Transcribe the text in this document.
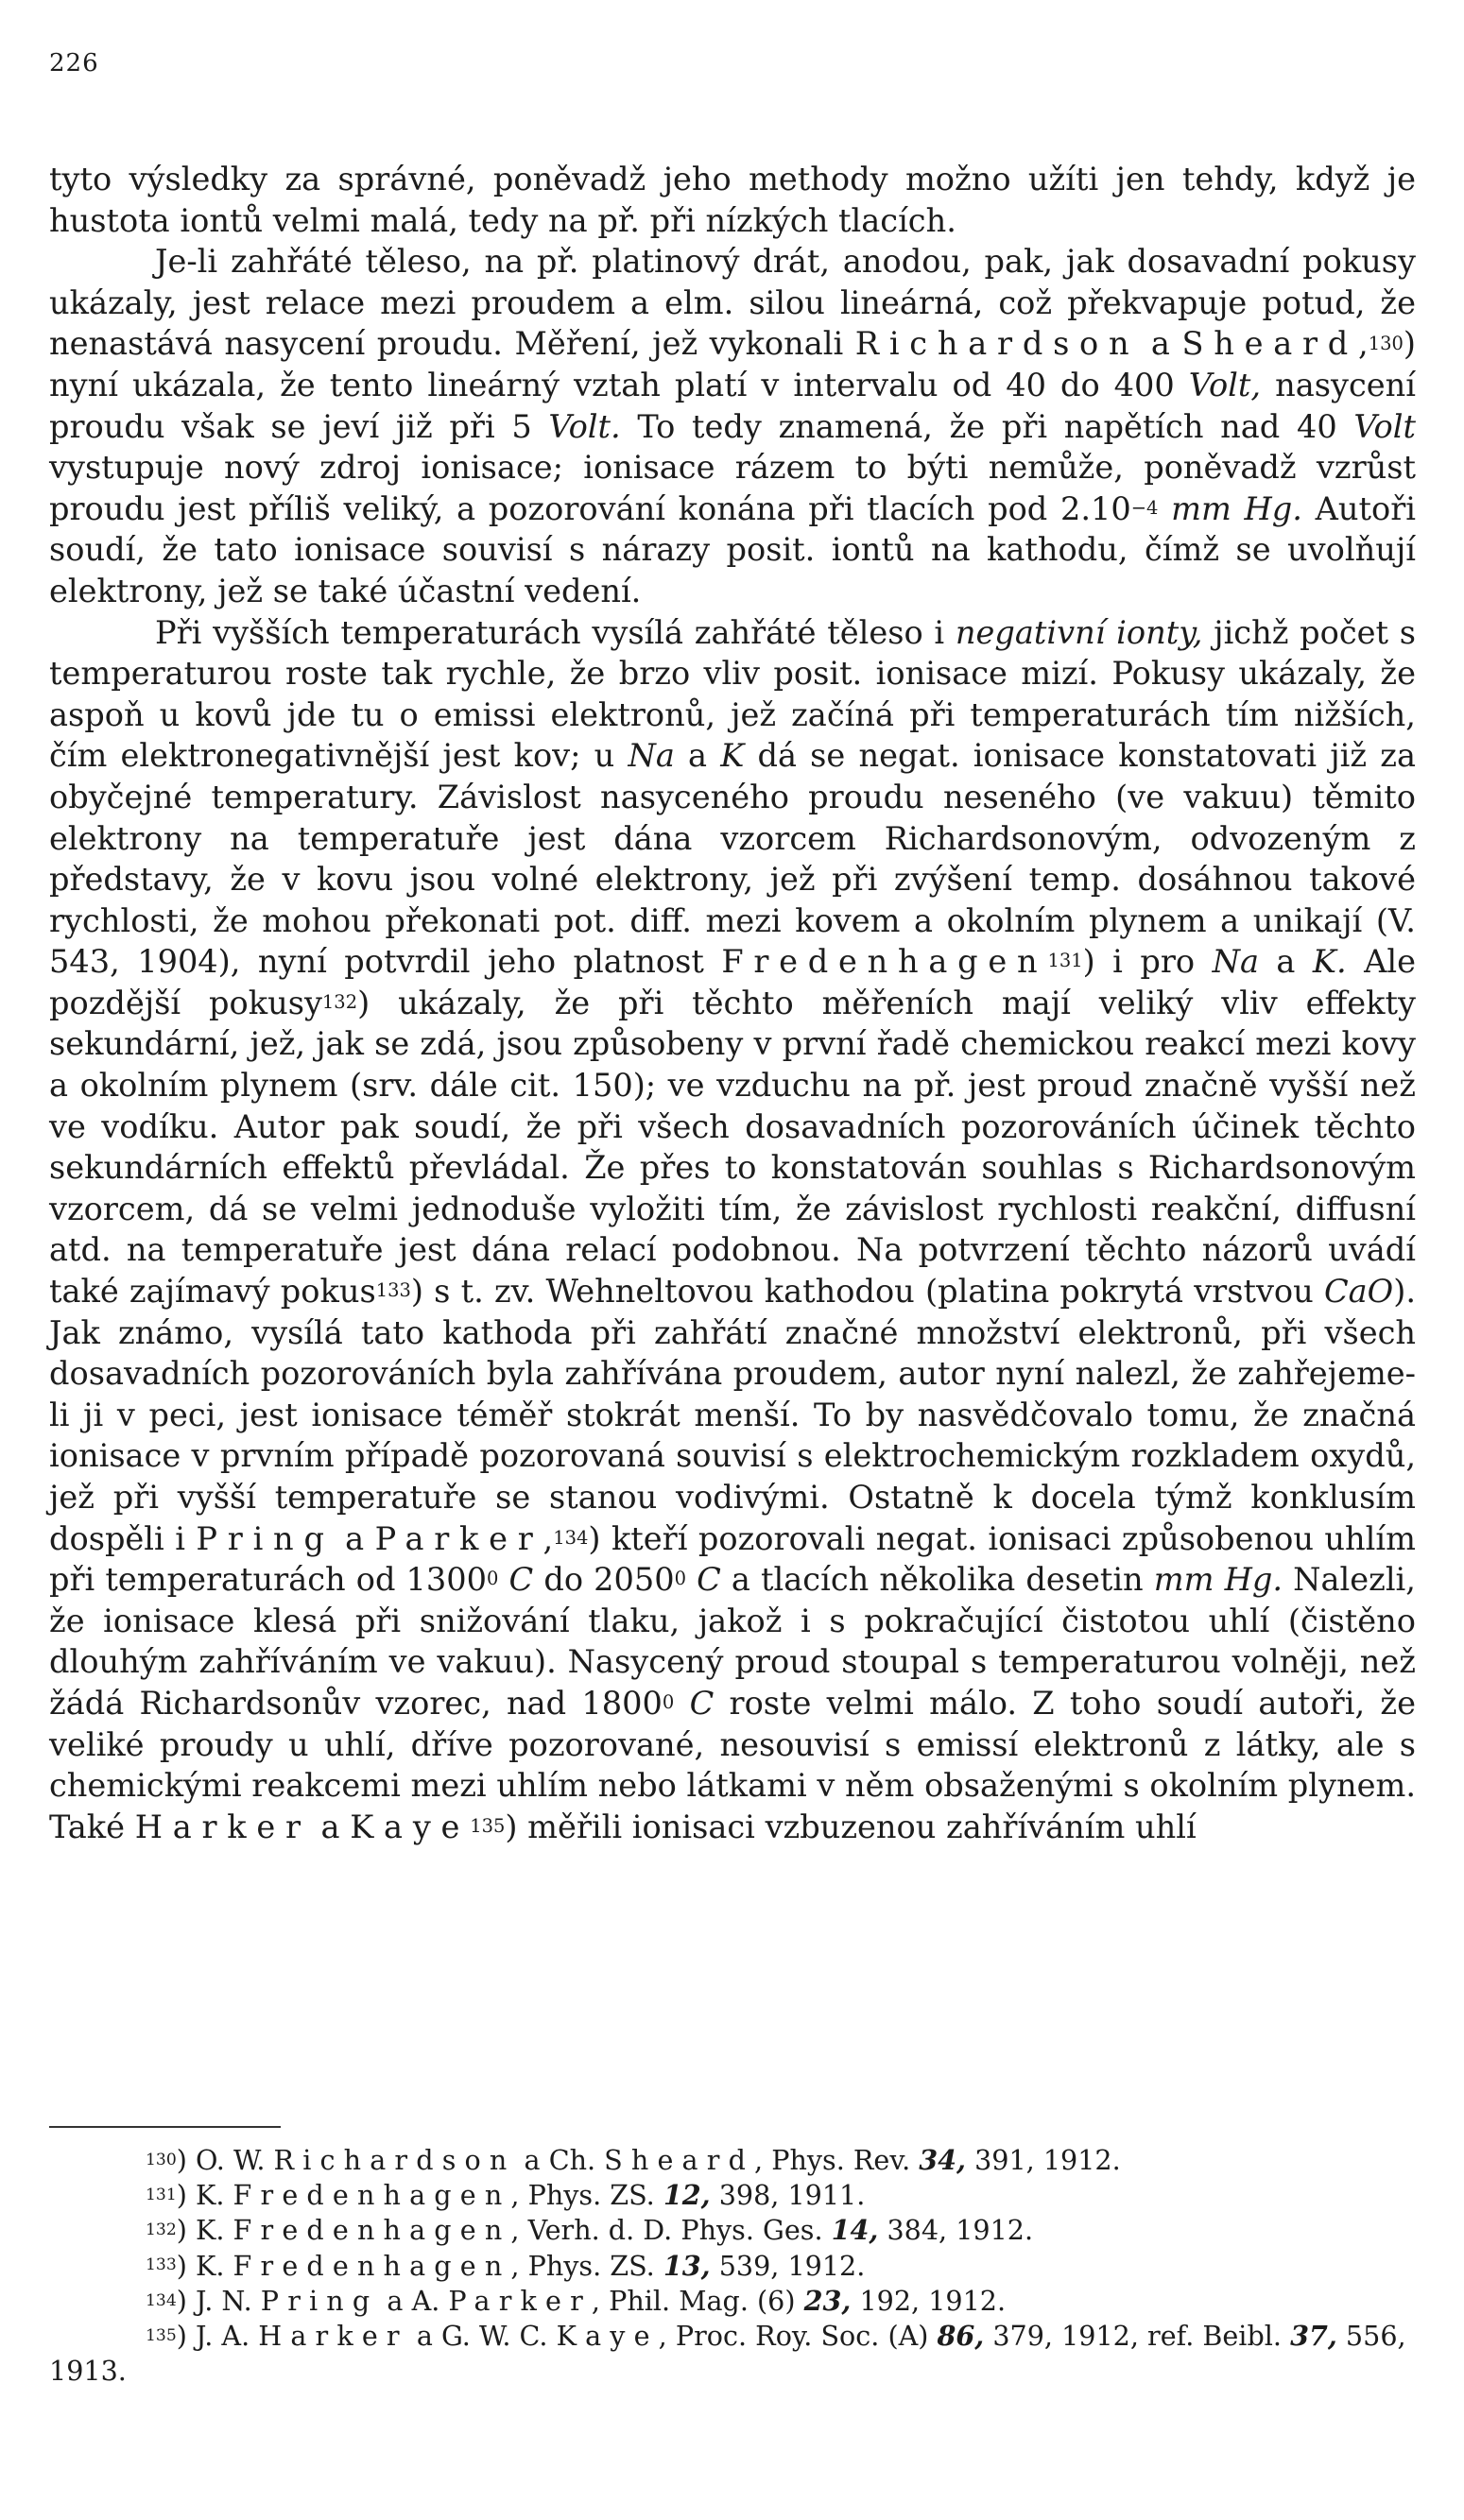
226

tyto výsledky za správné, poněvadž jeho methody možno užíti jen tehdy, když je hustota iontů velmi malá, tedy na př. při nízkých tlacích.

Je-li zahřáté těleso, na př. platinový drát, anodou, pak, jak dosavadní pokusy ukázaly, jest relace mezi proudem a elm. silou lineárná, což překvapuje potud, že nenastává nasycení proudu. Měření, jež vykonali Richardson a Sheard,$^{130}$) nyní ukázala, že tento lineárný vztah platí v intervalu od 40 do 400 Volt, nasycení proudu však se jeví již při 5 Volt. To tedy znamená, že při napětích nad 40 Volt vystupuje nový zdroj ionisace; ionisace rázem to býti nemůže, poněvadž vzrůst proudu jest příliš veliký, a pozorování konána při tlacích pod $2.10^{-4}$ mm Hg. Autoři soudí, že tato ionisace souvisí s nárazy posit. iontů na kathodu, čímž se uvolňují elektrony, jež se také účastní vedení.

Při vyšších temperaturách vysílá zahřáté těleso i negativní ionty, jichž počet s temperaturou roste tak rychle, že brzo vliv posit. ionisace mizí. Pokusy ukázaly, že aspoň u kovů jde tu o emissi elektronů, jež začíná při temperaturách tím nižších, čím elektronegativnější jest kov; u Na a K dá se negat. ionisace konstatovati již za obyčejné temperatury. Závislost nasyceného proudu neseného (ve vakuu) těmito elektrony na temperatuře jest dána vzorcem Richardsonovým, odvozeným z představy, že v kovu jsou volné elektrony, jež při zvýšení temp. dosáhnou takové rychlosti, že mohou překonati pot. diff. mezi kovem a okolním plynem a unikají (V. 543, 1904), nyní potvrdil jeho platnost Fredenhagen$^{131}$) i pro Na a K. Ale pozdější pokusy$^{132}$) ukázaly, že při těchto měřeních mají veliký vliv effekty sekundární, jež, jak se zdá, jsou způsobeny v první řadě chemickou reakcí mezi kovy a okolním plynem (srv. dále cit. 150); ve vzduchu na př. jest proud značně vyšší než ve vodíku. Autor pak soudí, že při všech dosavadních pozorováních účinek těchto sekundárních effektů převládal. Že přes to konstatován souhlas s Richardsonovým vzorcem, dá se velmi jednoduše vyložiti tím, že závislost rychlosti reakční, diffusní atd. na temperatuře jest dána relací podobnou. Na potvrzení těchto názorů uvádí také zajímavý pokus$^{133}$) s t. zv. Wehneltovou kathodou (platina pokrytá vrstvou CaO). Jak známo, vysílá tato kathoda při zahřátí značné množství elektronů, při všech dosavadních pozorováních byla zahřívána proudem, autor nyní nalezl, že zahřejeme-li ji v peci, jest ionisace téměř stokrát menší. To by nasvědčovalo tomu, že značná ionisace v prvním případě pozorovaná souvisí s elektrochemickým rozkladem oxydů, jež při vyšší temperatuře se stanou vodivými. Ostatně k docela týmž konklusím dospěli i Pring a Parker,$^{134}$) kteří pozorovali negat. ionisaci způsobenou uhlím při temperaturách od 1300$^0$ C do 2050$^0$ C a tlacích několika desetin mm Hg. Nalezli, že ionisace klesá při snižování tlaku, jakož i s pokračující čistotou uhlí (čistěno dlouhým zahříváním ve vakuu). Nasycený proud stoupal s temperaturou volněji, než žádá Richardsonův vzorec, nad 1800$^0$ C roste velmi málo. Z toho soudí autoři, že veliké proudy u uhlí, dříve pozorované, nesouvisí s emissí elektronů z látky, ale s chemickými reakcemi mezi uhlím nebo látkami v něm obsaženými s okolním plynem. Také Harker a Kaye$^{135}$) měřili ionisaci vzbuzenou zahříváním uhlí

$^{130}$) O. W. Richardson a Ch. Sheard, Phys. Rev. 34, 391, 1912.

$^{131}$) K. Fredenhagen, Phys. ZS. 12, 398, 1911.

$^{132}$) K. Fredenhagen, Verh. d. D. Phys. Ges. 14, 384, 1912.

$^{133}$) K. Fredenhagen, Phys. ZS. 13, 539, 1912.

$^{134}$) J. N. Pring a A. Parker, Phil. Mag. (6) 23, 192, 1912.

$^{135}$) J. A. Harker a G. W. C. Kaye, Proc. Roy. Soc. (A) 86, 379, 1912, ref. Beibl. 37, 556, 1913.
